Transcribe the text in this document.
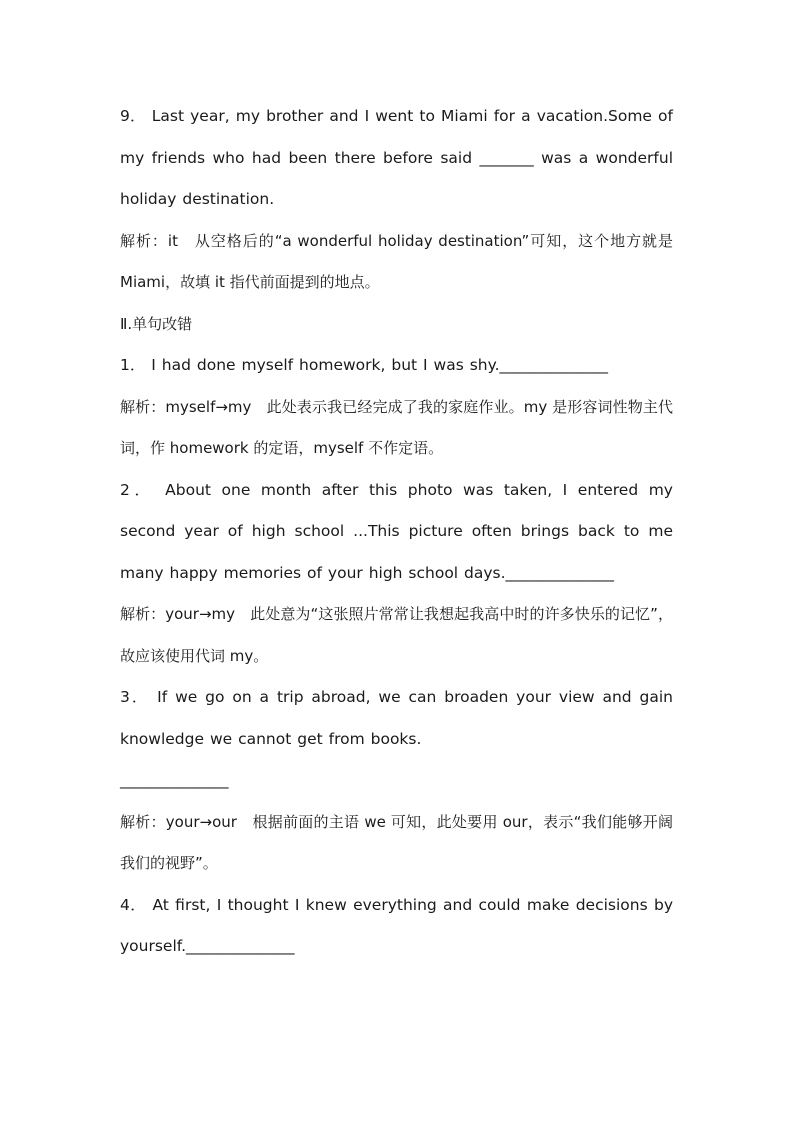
9． Last year, my brother and I went to Miami for a vacation.Some of my friends who had been there before said _______ was a wonderful holiday destination.

解析：it　从空格后的“a wonderful holiday destination”可知，这个地方就是 Miami，故填 it 指代前面提到的地点。

Ⅱ.单句改错

1． I had done myself homework, but I was shy.______________

解析：myself→my　此处表示我已经完成了我的家庭作业。my 是形容词性物主代词，作 homework 的定语，myself 不作定语。

2． About one month after this photo was taken, I entered my second year of high school ...This picture often brings back to me many happy memories of your high school days.______________

解析：your→my　此处意为“这张照片常常让我想起我高中时的许多快乐的记忆”，故应该使用代词 my。

3． If we go on a trip abroad, we can broaden your view and gain knowledge we cannot get from books.

______________

解析：your→our　根据前面的主语 we 可知，此处要用 our，表示“我们能够开阔我们的视野”。

4． At first, I thought I knew everything and could make decisions by yourself.______________
